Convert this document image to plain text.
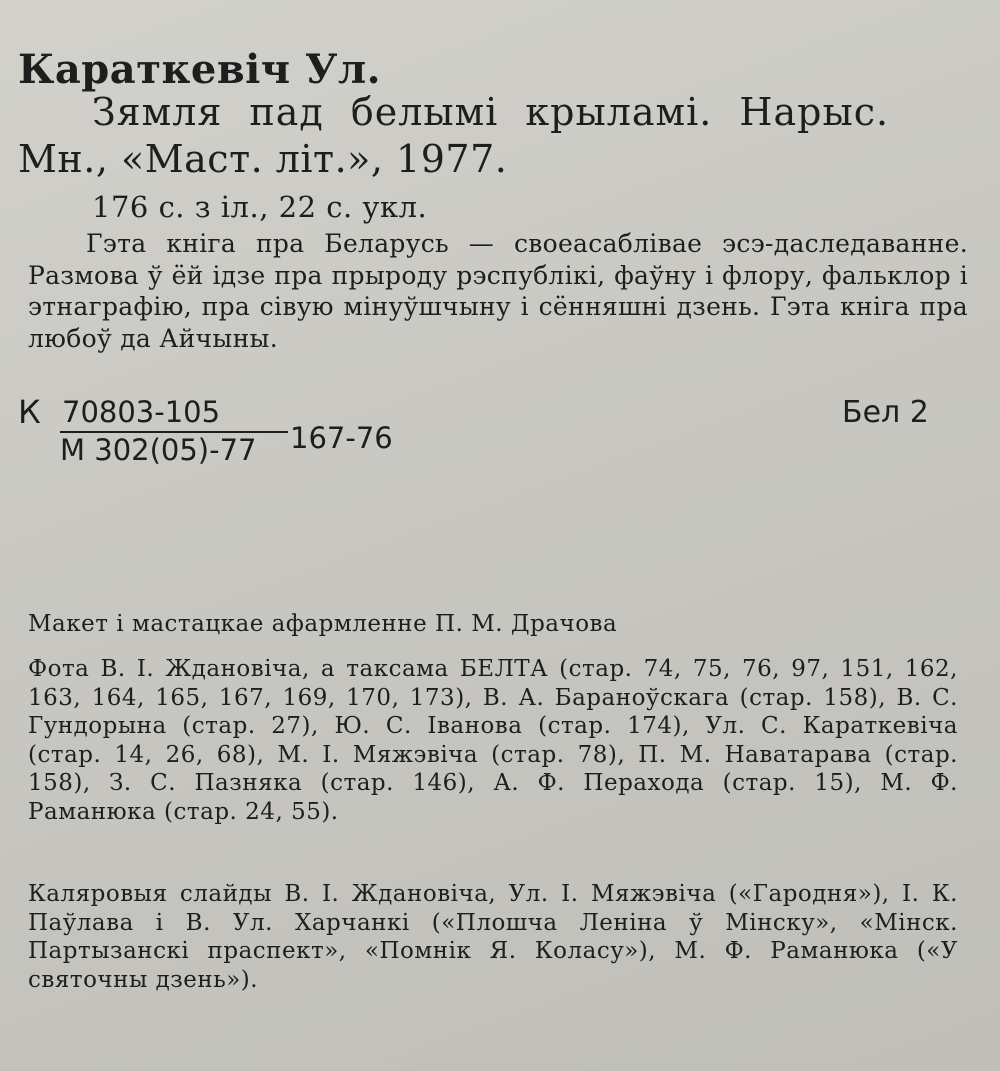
Караткевіч Ул.
Зямля пад белымі крыламі. Нарыс.
Мн., «Маст. літ.», 1977.
176 с. з іл., 22 с. укл.
Гэта кніга пра Беларусь — своеасаблівае эсэ-даследаванне. Размова ў ёй ідзе пра прыроду рэспублікі, фаўну і флору, фальклор і этнаграфію, пра сівую мінуўшчыну і сённяшні дзень. Гэта кніга пра любоў да Айчыны.
К 70803-105
М 302(05)-77	167-76
Бел 2
Макет і мастацкае афармленне П. М. Драчова
Фота В. І. Ждановіча, а таксама БЕЛТА (стар. 74, 75, 76, 97, 151, 162, 163, 164, 165, 167, 169, 170, 173), В. А. Бараноўскага (стар. 158), В. С. Гундорына (стар. 27), Ю. С. Іванова (стар. 174), Ул. С. Караткевіча (стар. 14, 26, 68), М. І. Мяжэвіча (стар. 78), П. М. Наватарава (стар. 158), З. С. Пазняка (стар. 146), А. Ф. Перахода (стар. 15), М. Ф. Раманюка (стар. 24, 55).
Каляровыя слайды В. І. Ждановіча, Ул. І. Мяжэвіча («Гародня»), І. К. Паўлава і В. Ул. Харчанкі («Плошча Леніна ў Мінску», «Мінск. Партызанскі праспект», «Помнік Я. Коласу»), М. Ф. Раманюка («У святочны дзень»).
